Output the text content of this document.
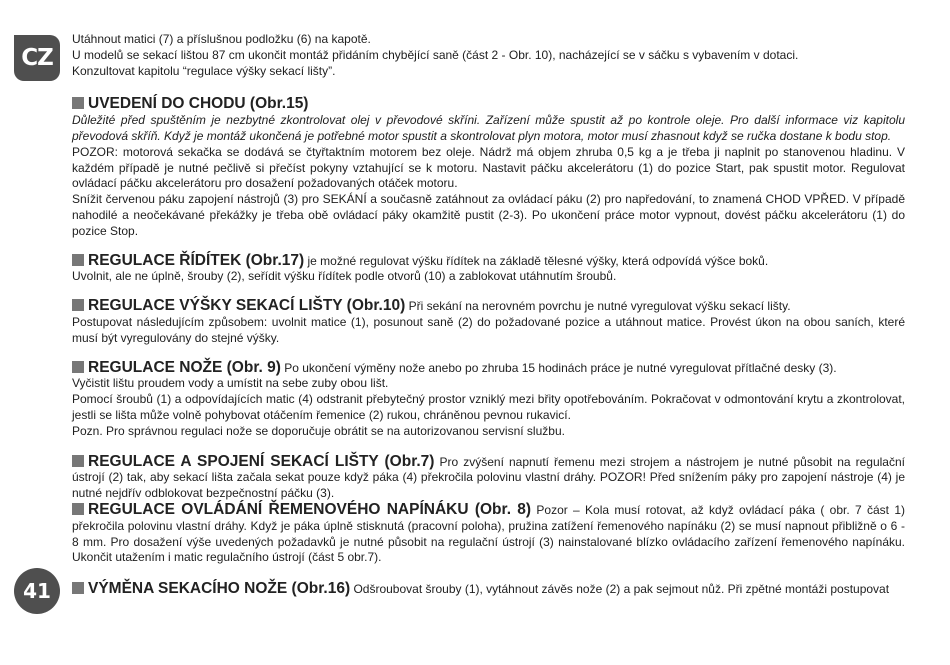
CZ
41

Utáhnout matici (7) a příslušnou podložku (6) na kapotě.

U modelů se sekací lištou 87 cm ukončit montáž přidáním chybějící saně (část 2 - Obr. 10), nacházející se v sáčku s vybavením v dotaci.

Konzultovat kapitolu “regulace výšky sekací lišty”.

UVEDENÍ DO CHODU (Obr.15)

Důležité před spuštěním je nezbytné zkontrolovat olej v převodové skříni. Zařízení může spustit až po kontrole oleje. Pro další informace viz kapitolu převodová skříň. Když je montáž ukončená je potřebné motor spustit a skontrolovat plyn motora, motor musí zhasnout když se ručka dostane k bodu stop.

POZOR: motorová sekačka se dodává se čtyřtaktním motorem bez oleje. Nádrž má objem zhruba 0,5 kg a je třeba ji naplnit po stanovenou hladinu. V každém případě je nutné pečlivě si přečíst pokyny vztahující se k motoru. Nastavit páčku akcelerátoru (1) do pozice Start, pak spustit motor. Regulovat ovládací páčku akcelerátoru pro dosažení požadovaných otáček motoru.

Snížit červenou páku zapojení nástrojů (3) pro SEKÁNÍ a současně zatáhnout za ovládací páku (2) pro napředování, to znamená CHOD VPŘED. V případě nahodilé a neočekávané překážky je třeba obě ovládací páky okamžitě pustit (2-3). Po ukončení práce motor vypnout, dovést páčku akcelerátoru (1) do pozice Stop.

REGULACE ŘÍDÍTEK (Obr.17) je možné regulovat výšku řídítek na základě tělesné výšky, která odpovídá výšce boků.

Uvolnit, ale ne úplně, šrouby (2), seřídit výšku řídítek podle otvorů (10) a zablokovat utáhnutím šroubů.

REGULACE VÝŠKY SEKACÍ LIŠTY (Obr.10) Při sekání na nerovném povrchu je nutné vyregulovat výšku sekací lišty.

Postupovat následujícím způsobem: uvolnit matice (1), posunout saně (2) do požadované pozice a utáhnout matice. Provést úkon na obou saních, které musí být vyregulovány do stejné výšky.

REGULACE NOŽE (Obr. 9) Po ukončení výměny nože anebo po zhruba 15 hodinách práce je nutné vyregulovat přítlačné desky (3).

Vyčistit lištu proudem vody a umístit na sebe zuby obou lišt.

Pomocí šroubů (1) a odpovídajících matic (4) odstranit přebytečný prostor vzniklý mezi břity opotřebováním. Pokračovat v odmontování krytu a zkontrolovat, jestli se lišta může volně pohybovat otáčením řemenice (2) rukou, chráněnou pevnou rukavicí.

Pozn. Pro správnou regulaci nože se doporučuje obrátit se na autorizovanou servisní službu.

REGULACE A SPOJENÍ SEKACÍ LIŠTY (Obr.7) Pro zvýšení napnutí řemenu mezi strojem a nástrojem je nutné působit na regulační ústrojí (2) tak, aby sekací lišta začala sekat pouze když páka (4) překročila polovinu vlastní dráhy. POZOR! Před snížením páky pro zapojení nástroje (4) je nutné nejdřív odblokovat bezpečnostní páčku (3).

REGULACE OVLÁDÁNÍ ŘEMENOVÉHO NAPÍNÁKU (Obr. 8) Pozor – Kola musí rotovat, až když ovládací páka ( obr. 7 část 1) překročila polovinu vlastní dráhy. Když je páka úplně stisknutá (pracovní poloha), pružina zatížení řemenového napínáku (2) se musí napnout přibližně o 6 - 8 mm. Pro dosažení výše uvedených požadavků je nutné působit na regulační ústrojí (3) nainstalované blízko ovládacího zařízení řemenového napínáku. Ukončit utažením i matic regulačního ústrojí (část 5 obr.7).

VÝMĚNA SEKACÍHO NOŽE (Obr.16) Odšroubovat šrouby (1), vytáhnout závěs nože (2) a pak sejmout nůž. Při zpětné montáži postupovat
